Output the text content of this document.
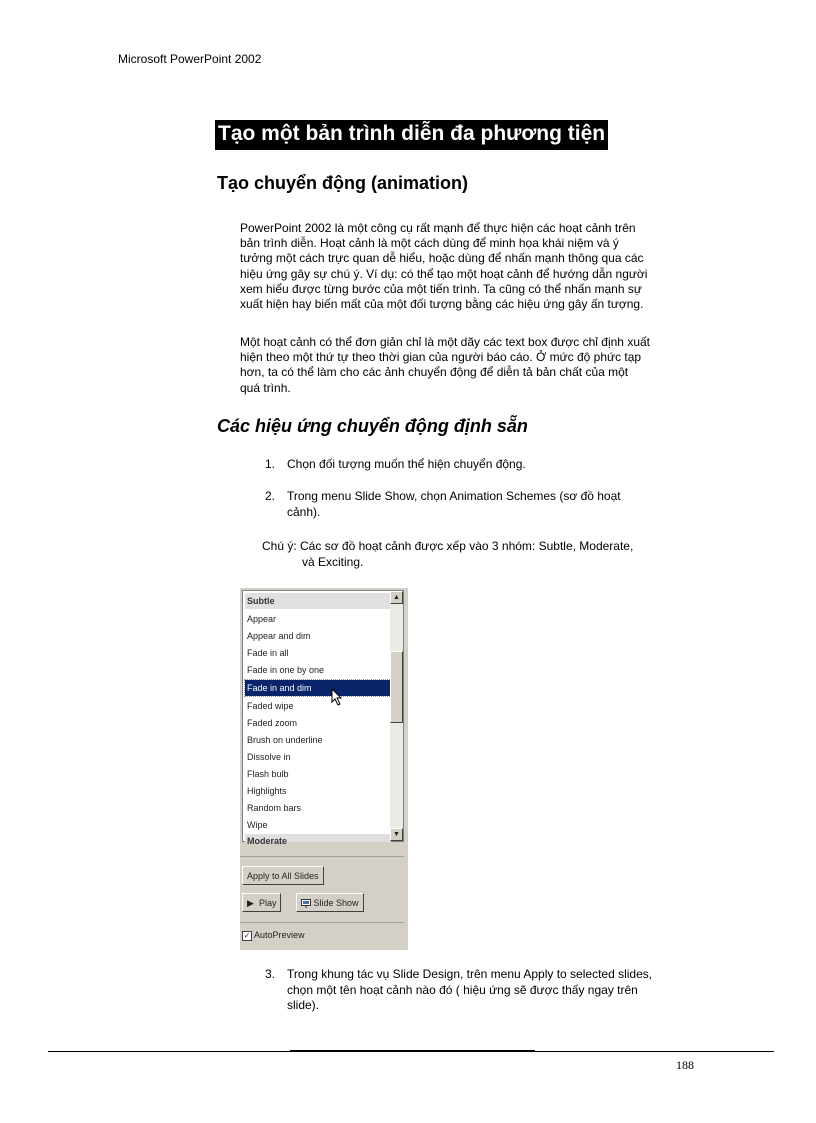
Microsoft PowerPoint 2002
Tạo một bản trình diễn đa phương tiện
Tạo chuyển động (animation)
PowerPoint 2002 là một công cụ rất mạnh để thực hiện các hoạt cảnh trên
bản trình diễn. Hoạt cảnh là một cách dùng để minh họa khái niệm và ý
tưởng một cách trực quan dễ hiểu, hoặc dùng để nhấn mạnh thông qua các
hiệu ứng gây sự chú ý. Ví dụ: có thể tạo một hoạt cảnh để hướng dẫn người
xem hiểu được từng bước của một tiến trình. Ta cũng có thể nhấn mạnh sự
xuất hiện hay biến mất của một đối tượng bằng các hiệu ứng gây ấn tượng.
Một hoạt cảnh có thể đơn giản chỉ là một dãy các text box được chỉ định xuất
hiện theo một thứ tự theo thời gian của người báo cáo. Ở mức độ phức tạp
hơn, ta có thể làm cho các ảnh chuyển động để diễn tả bản chất của một
quá trình.
Các hiệu ứng chuyển động định sẵn
1. Chọn đối tượng muốn thể hiện chuyển động.
2. Trong menu Slide Show, chọn Animation Schemes (sơ đồ hoạt
cảnh).
Chú ý: Các sơ đồ hoạt cảnh được xếp vào 3 nhóm: Subtle, Moderate,
và Exciting.
Subtle
Appear
Appear and dim
Fade in all
Fade in one by one
Fade in and dim
Faded wipe
Faded zoom
Brush on underline
Dissolve in
Flash bulb
Highlights
Random bars
Wipe
Moderate
▲
▼
Apply to All Slides
▶ Play	Slide Show
✓ AutoPreview
3. Trong khung tác vụ Slide Design, trên menu Apply to selected slides,
chọn một tên hoạt cảnh nào đó ( hiệu ứng sẽ được thấy ngay trên
slide).
188
